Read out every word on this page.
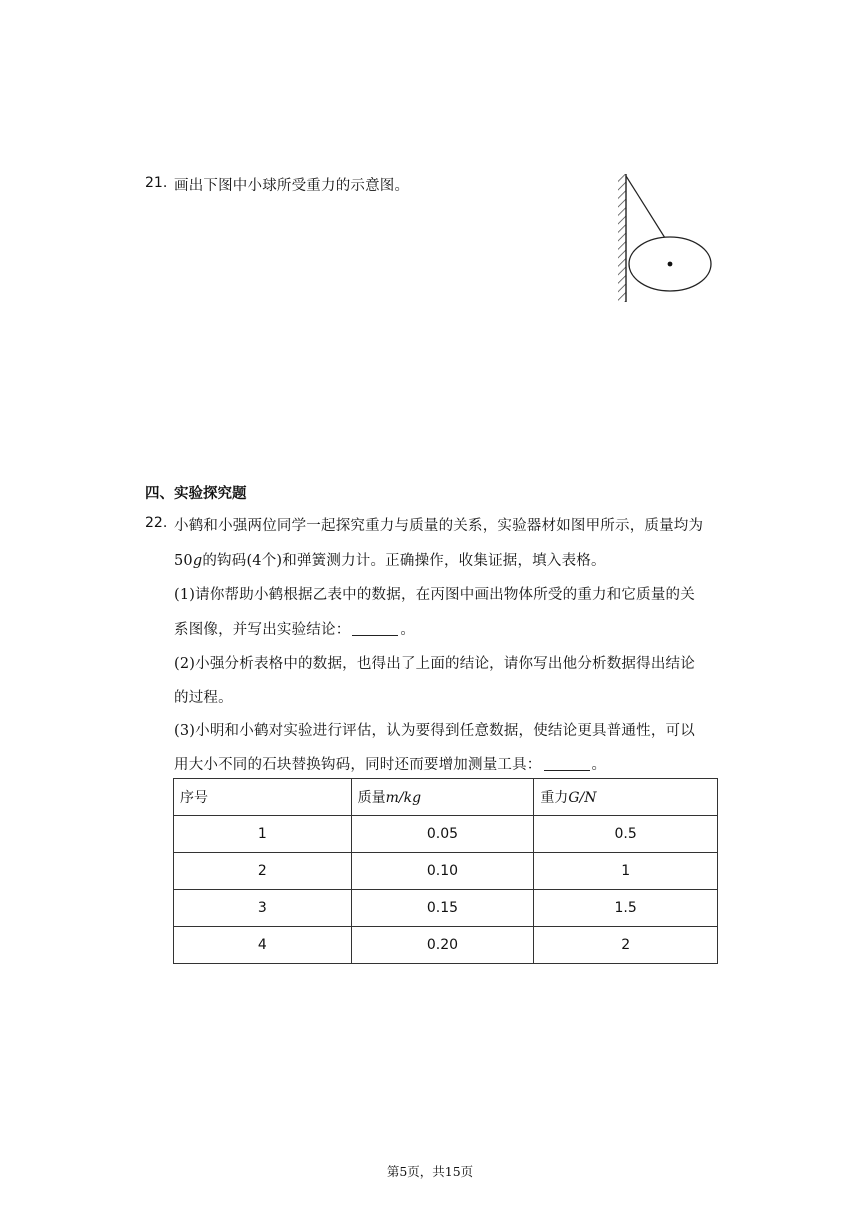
21. 画出下图中小球所受重力的示意图。
四、实验探究题
22. 小鹤和小强两位同学一起探究重力与质量的关系，实验器材如图甲所示，质量均为
50g的钩码(4个)和弹簧测力计。正确操作，收集证据，填入表格。
(1)请你帮助小鹤根据乙表中的数据，在丙图中画出物体所受的重力和它质量的关
系图像，并写出实验结论：	。
(2)小强分析表格中的数据，也得出了上面的结论，请你写出他分析数据得出结论
的过程。
(3)小明和小鹤对实验进行评估，认为要得到任意数据，使结论更具普通性，可以
用大小不同的石块替换钩码，同时还而要增加测量工具：	。
序号	质量m/kg	重力G/N
1	0.05	0.5
2	0.10	1
3	0.15	1.5
4	0.20	2
第5页，共15页
